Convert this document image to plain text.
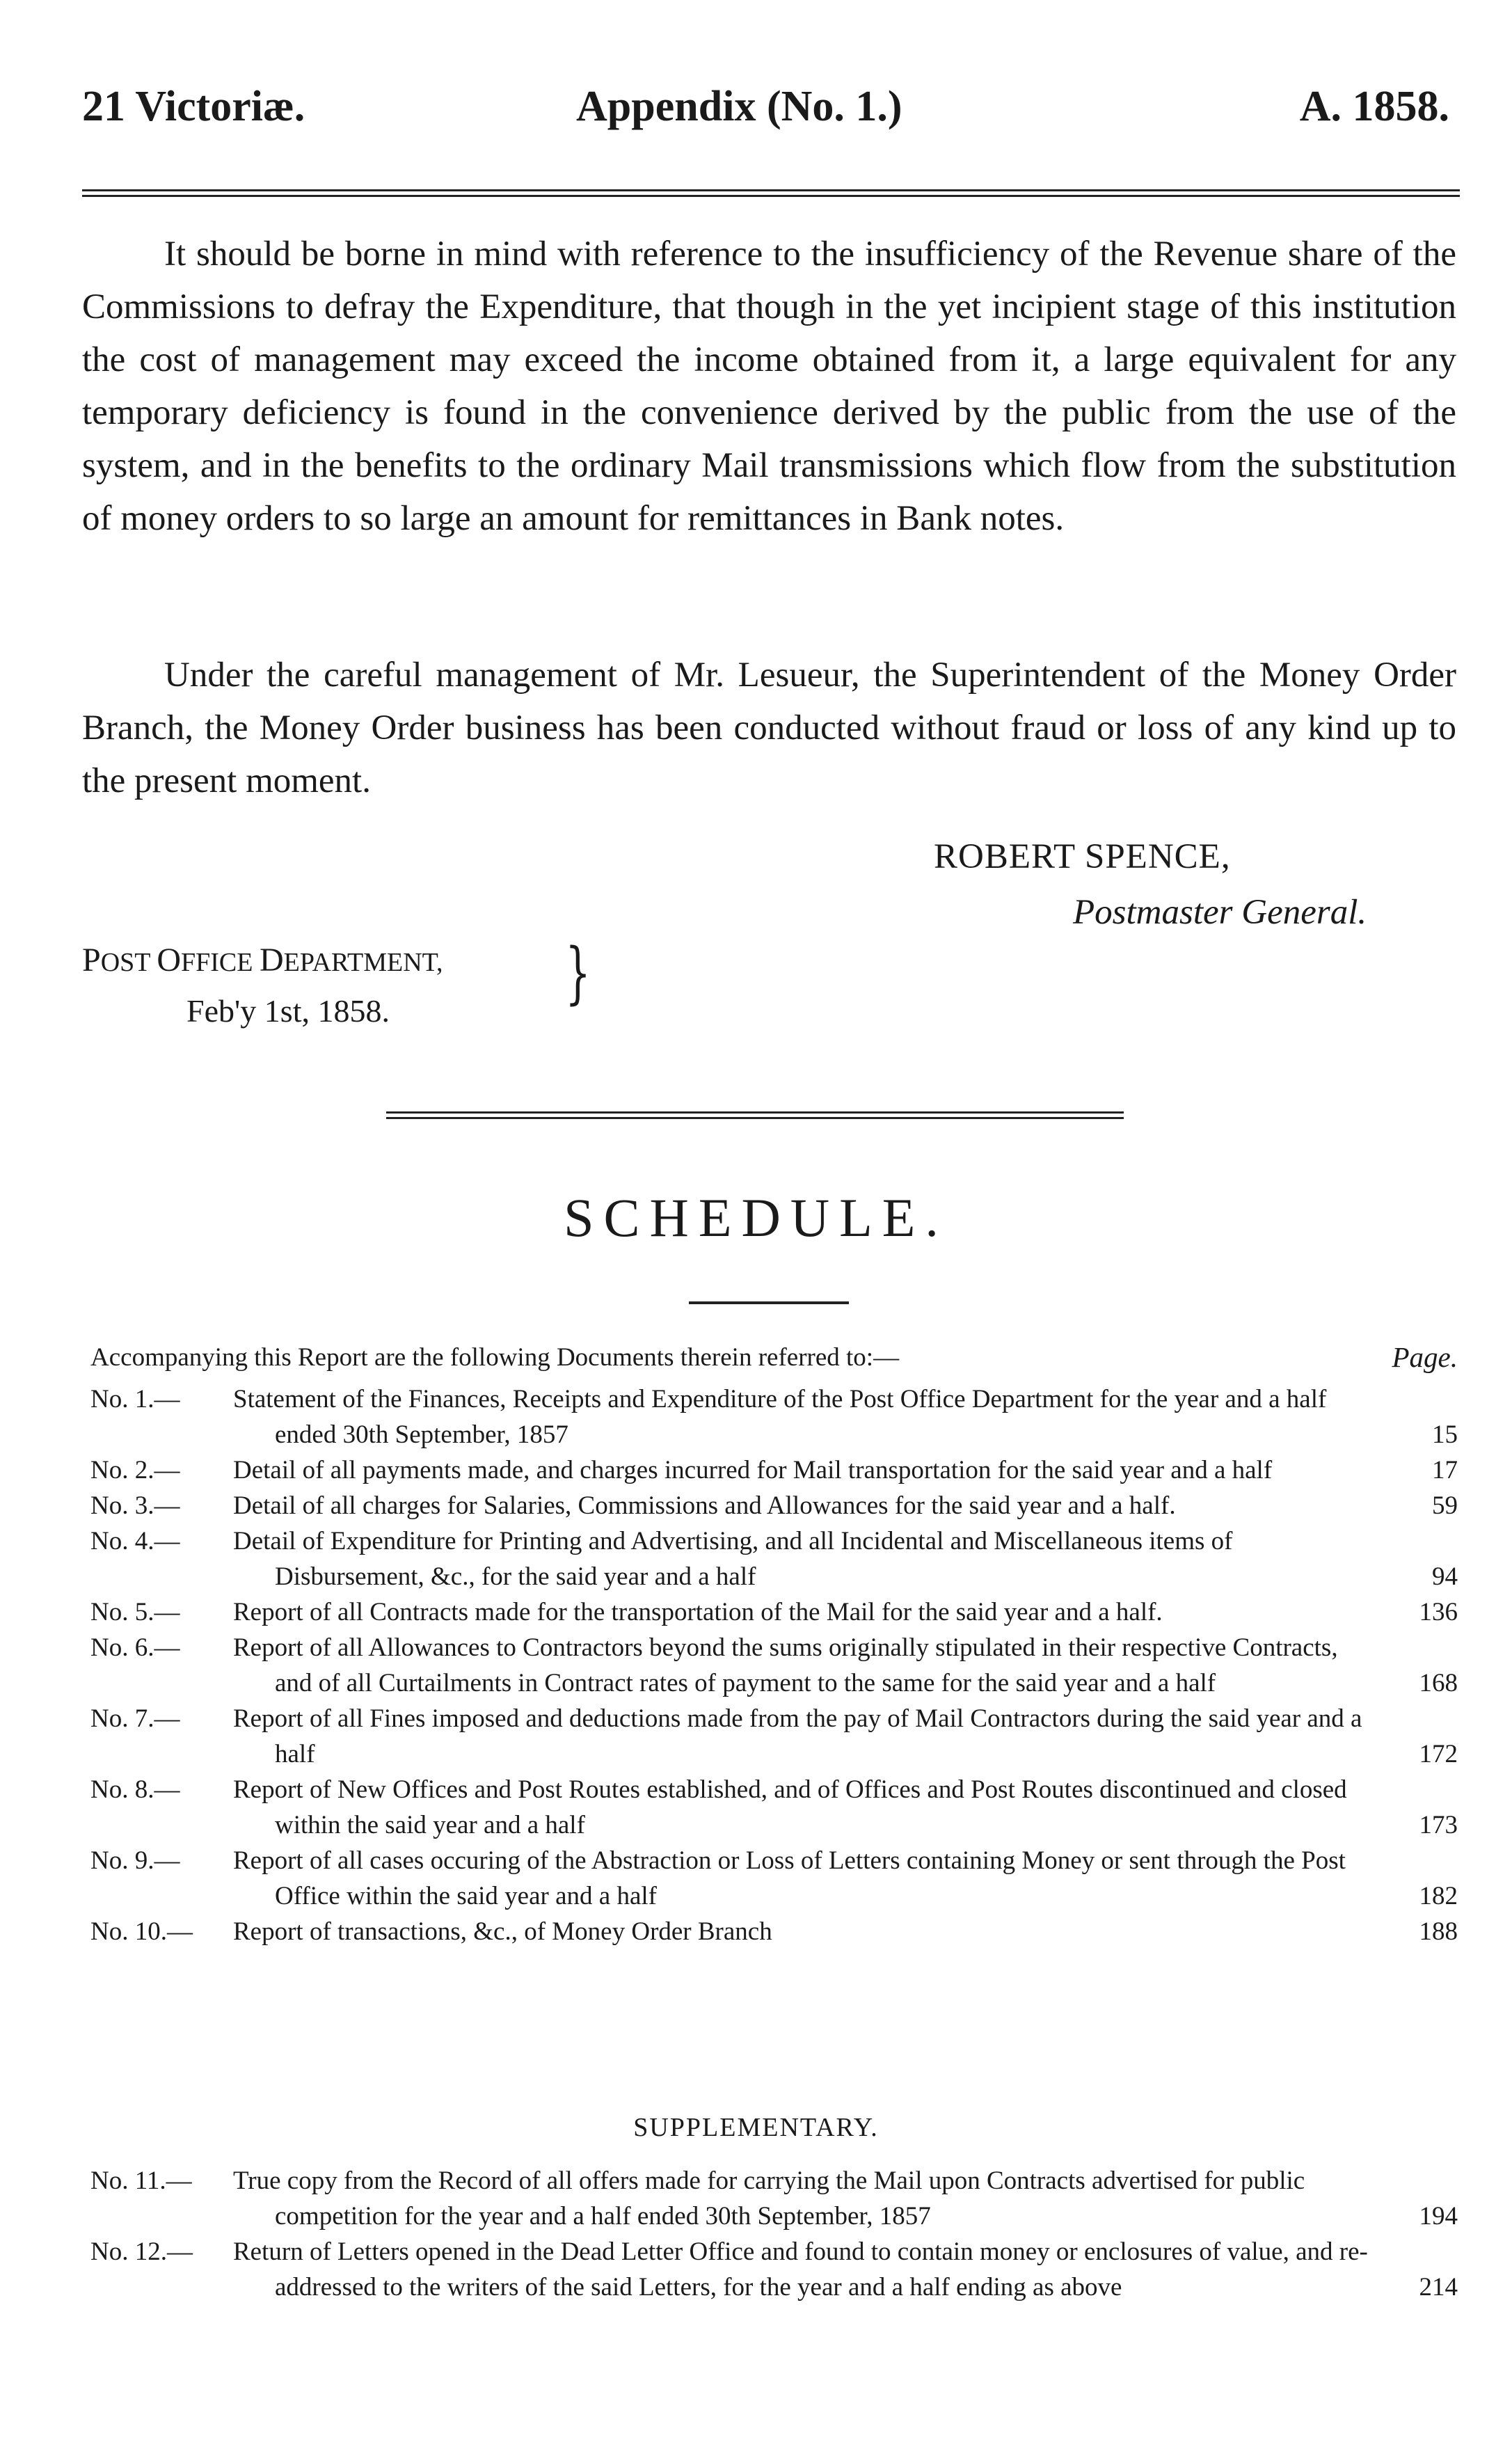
21 Victoriæ.	Appendix (No. 1.)	A. 1858.

It should be borne in mind with reference to the insufficiency of the Revenue share of the Commissions to defray the Expenditure, that though in the yet incipient stage of this institution the cost of management may exceed the income obtained from it, a large equivalent for any temporary deficiency is found in the convenience derived by the public from the use of the system, and in the benefits to the ordinary Mail transmissions which flow from the substitution of money orders to so large an amount for remittances in Bank notes.

Under the careful management of Mr. Lesueur, the Superintendent of the Money Order Branch, the Money Order business has been conducted without fraud or loss of any kind up to the present moment.

ROBERT SPENCE,
Postmaster General.
POST OFFICE DEPARTMENT,
Feb'y 1st, 1858.	}
SCHEDULE.
Accompanying this Report are the following Documents therein referred to:—	Page.
No. 1.—	Statement of the Finances, Receipts and Expenditure of the Post Office Department for the year and a half ended 30th September, 1857	15
No. 2.—	Detail of all payments made, and charges incurred for Mail transportation for the said year and a half	17
No. 3.—	Detail of all charges for Salaries, Commissions and Allowances for the said year and a half.	59
No. 4.—	Detail of Expenditure for Printing and Advertising, and all Incidental and Miscellaneous items of Disbursement, &c., for the said year and a half	94
No. 5.—	Report of all Contracts made for the transportation of the Mail for the said year and a half.	136
No. 6.—	Report of all Allowances to Contractors beyond the sums originally stipulated in their respective Contracts, and of all Curtailments in Contract rates of payment to the same for the said year and a half	168
No. 7.—	Report of all Fines imposed and deductions made from the pay of Mail Contractors during the said year and a half	172
No. 8.—	Report of New Offices and Post Routes established, and of Offices and Post Routes discontinued and closed within the said year and a half	173
No. 9.—	Report of all cases occuring of the Abstraction or Loss of Letters containing Money or sent through the Post Office within the said year and a half	182
No. 10.—	Report of transactions, &c., of Money Order Branch	188
SUPPLEMENTARY.
No. 11.—	True copy from the Record of all offers made for carrying the Mail upon Contracts advertised for public competition for the year and a half ended 30th September, 1857	194
No. 12.—	Return of Letters opened in the Dead Letter Office and found to contain money or enclosures of value, and re-addressed to the writers of the said Letters, for the year and a half ending as above	214
